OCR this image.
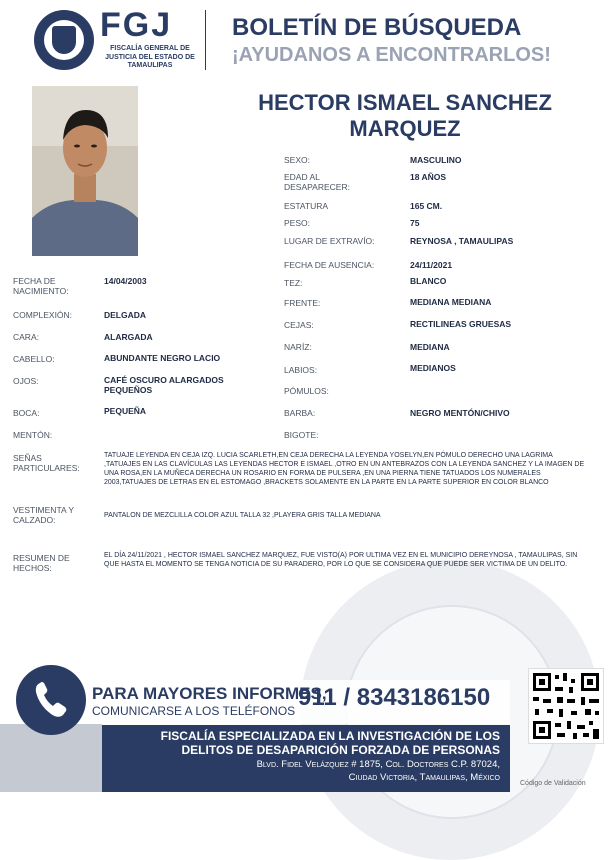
FGJ
FISCALÍA GENERAL DE JUSTICIA DEL ESTADO DE TAMAULIPAS
BOLETÍN DE BÚSQUEDA
¡AYUDANOS A ENCONTRARLOS!
HECTOR ISMAEL SANCHEZ MARQUEZ
SEXO:	MASCULINO
EDAD AL DESAPARECER:
18 AÑOS
ESTATURA	165 CM.
PESO:	75
LUGAR DE EXTRAVÍO:	REYNOSA , TAMAULIPAS
FECHA DE AUSENCIA:	24/11/2021
TEZ:	BLANCO
FRENTE:	MEDIANA MEDIANA
CEJAS:	RECTILINEAS GRUESAS
NARÍZ:	MEDIANA
LABIOS:	MEDIANOS
PÓMULOS:
BARBA:	NEGRO MENTÓN/CHIVO
BIGOTE:
FECHA DE NACIMIENTO:
14/04/2003
COMPLEXIÓN:	DELGADA
CARA:	ALARGADA
CABELLO:	ABUNDANTE NEGRO LACIO
OJOS:	CAFÉ OSCURO ALARGADOS PEQUEÑOS
BOCA:	PEQUEÑA
MENTÓN:
SEÑAS PARTICULARES:
TATUAJE LEYENDA EN CEJA IZQ. LUCIA SCARLETH,EN CEJA DERECHA LA LEYENDA YOSELYN,EN PÓMULO DERECHO UNA LAGRIMA ,TATUAJES EN LAS CLAVÍCULAS LAS LEYENDAS HECTOR E ISMAEL ,OTRO EN UN ANTEBRAZOS CON LA LEYENDA SANCHEZ Y LA IMAGEN DE UNA ROSA,EN LA MUÑECA DERECHA UN ROSARIO EN FORMA DE PULSERA ,EN UNA PIERNA TIENE TATUADOS LOS NUMERALES 2003,TATUAJES DE LETRAS EN EL ESTOMAGO ,BRACKETS SOLAMENTE EN LA PARTE EN LA PARTE SUPERIOR EN COLOR BLANCO
VESTIMENTA Y CALZADO:	PANTALON DE MEZCLILLA COLOR AZUL TALLA 32 ,PLAYERA GRIS TALLA MEDIANA
RESUMEN DE HECHOS:
EL DÍA 24/11/2021 , HECTOR ISMAEL SANCHEZ MARQUEZ, FUE VISTO(A) POR ULTIMA VEZ EN EL MUNICIPIO DEREYNOSA , TAMAULIPAS, SIN QUE HASTA EL MOMENTO SE TENGA NOTICIA DE SU PARADERO, POR LO QUE SE CONSIDERA QUE PUEDE SER VICTIMA DE UN DELITO.
PARA MAYORES INFORMES,
COMUNICARSE A LOS TELÉFONOS 911 / 8343186150
FISCALÍA ESPECIALIZADA EN LA INVESTIGACIÓN DE LOS
DELITOS DE DESAPARICIÓN FORZADA DE PERSONAS
Blvd. Fidel Velázquez # 1875, Col. Doctores C.P. 87024,
Ciudad Victoria, Tamaulipas, México
Código de Validación
